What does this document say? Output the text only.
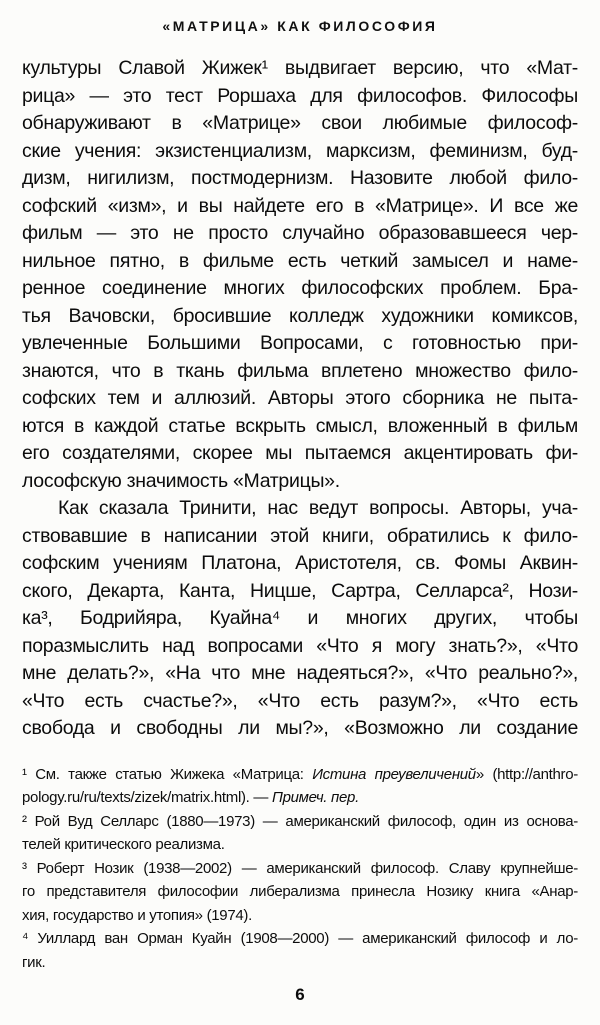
«МАТРИЦА» КАК ФИЛОСОФИЯ
культуры Славой Жижек¹ выдвигает версию, что «Мат-
рица» — это тест Роршаха для философов. Философы
обнаруживают в «Матрице» свои любимые философ-
ские учения: экзистенциализм, марксизм, феминизм, буд-
дизм, нигилизм, постмодернизм. Назовите любой фило-
софский «изм», и вы найдете его в «Матрице». И все же
фильм — это не просто случайно образовавшееся чер-
нильное пятно, в фильме есть четкий замысел и наме-
ренное соединение многих философских проблем. Бра-
тья Вачовски, бросившие колледж художники комиксов,
увлеченные Большими Вопросами, с готовностью при-
знаются, что в ткань фильма вплетено множество фило-
софских тем и аллюзий. Авторы этого сборника не пыта-
ются в каждой статье вскрыть смысл, вложенный в фильм
его создателями, скорее мы пытаемся акцентировать фи-
лософскую значимость «Матрицы».
Как сказала Тринити, нас ведут вопросы. Авторы, уча-
ствовавшие в написании этой книги, обратились к фило-
софским учениям Платона, Аристотеля, св. Фомы Аквин-
ского, Декарта, Канта, Ницше, Сартра, Селларса², Нози-
ка³, Бодрийяра, Куайна⁴ и многих других, чтобы
поразмыслить над вопросами «Что я могу знать?», «Что
мне делать?», «На что мне надеяться?», «Что реально?»,
«Что есть счастье?», «Что есть разум?», «Что есть
свобода и свободны ли мы?», «Возможно ли создание
¹ См. также статью Жижека «Матрица: Истина преувеличений» (http://anthro-
pology.ru/ru/texts/zizek/matrix.html). — Примеч. пер.
² Рой Вуд Селларс (1880—1973) — американский философ, один из основа-
телей критического реализма.
³ Роберт Нозик (1938—2002) — американский философ. Славу крупнейше-
го представителя философии либерализма принесла Нозику книга «Анар-
хия, государство и утопия» (1974).
⁴ Уиллард ван Орман Куайн (1908—2000) — американский философ и ло-
гик.
6
